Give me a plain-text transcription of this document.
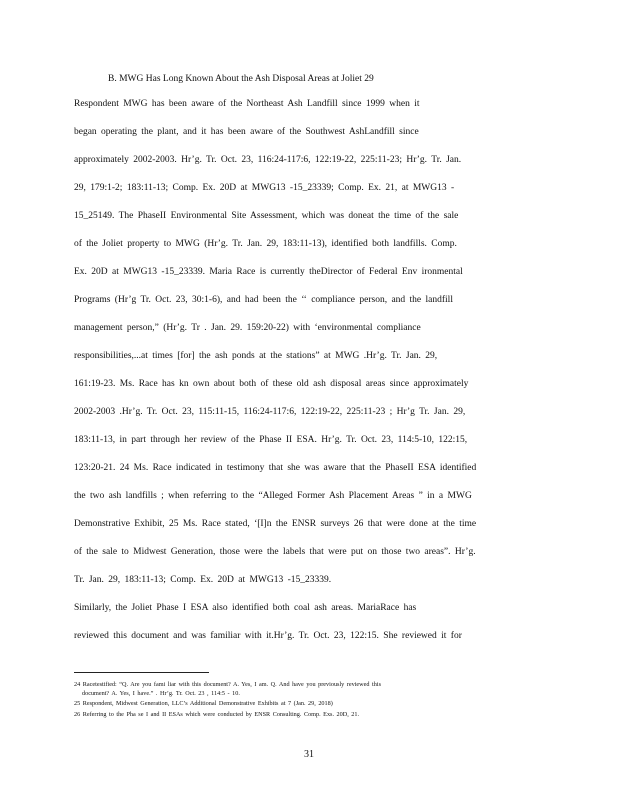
B. MWG Has Long Known About the Ash Disposal Areas at Joliet 29
Respondent MWG has been aware of the Northeast Ash Landfill since 1999 when it
began operating the plant, and it has been aware of the Southwest AshLandfill since
approximately 2002-2003. Hr’g. Tr. Oct. 23, 116:24-117:6, 122:19-22, 225:11-23; Hr’g. Tr. Jan.
29, 179:1-2; 183:11-13; Comp. Ex. 20D at MWG13 -15_23339; Comp. Ex. 21, at MWG13 -
15_25149. The PhaseII Environmental Site Assessment, which was doneat the time of the sale
of the Joliet property to MWG (Hr’g. Tr. Jan. 29, 183:11-13), identified both landfills. Comp.
Ex. 20D at MWG13 -15_23339. Maria Race is currently theDirector of Federal Env ironmental
Programs (Hr’g Tr. Oct. 23, 30:1-6), and had been the ‘‘ compliance person, and the landfill
management person,” (Hr’g. Tr . Jan. 29. 159:20-22) with ‘environmental compliance
responsibilities,...at times [for] the ash ponds at the stations” at MWG .Hr’g. Tr. Jan. 29,
161:19-23. Ms. Race has kn own about both of these old ash disposal areas since approximately
2002-2003 .Hr’g. Tr. Oct. 23, 115:11-15, 116:24-117:6, 122:19-22, 225:11-23 ; Hr’g Tr. Jan. 29,
183:11-13, in part through her review of the Phase II ESA. Hr’g. Tr. Oct. 23, 114:5-10, 122:15,
123:20-21. 24 Ms. Race indicated in testimony that she was aware that the PhaseII ESA identified
the two ash landfills ; when referring to the “Alleged Former Ash Placement Areas ” in a MWG
Demonstrative Exhibit, 25 Ms. Race stated, ‘[I]n the ENSR surveys 26 that were done at the time
of the sale to Midwest Generation, those were the labels that were put on those two areas”. Hr’g.
Tr. Jan. 29, 183:11-13; Comp. Ex. 20D at MWG13 -15_23339.
Similarly, the Joliet Phase I ESA also identified both coal ash areas. MariaRace has
reviewed this document and was familiar with it.Hr’g. Tr. Oct. 23, 122:15. She reviewed it for
24 Racetestified: “Q. Are you fami liar with this document? A. Yes, I am. Q. And have you previously reviewed this
document? A. Yes, I have.” . Hr’g. Tr. Oct. 23 , 114:5 - 10.
25 Respondent, Midwest Generation, LLC’s Additional Demonstrative Exhibits at 7 (Jan. 29, 2018)
26 Referring to the Pha se I and II ESAs which were conducted by ENSR Consulting. Comp. Exs. 20D, 21.
31
